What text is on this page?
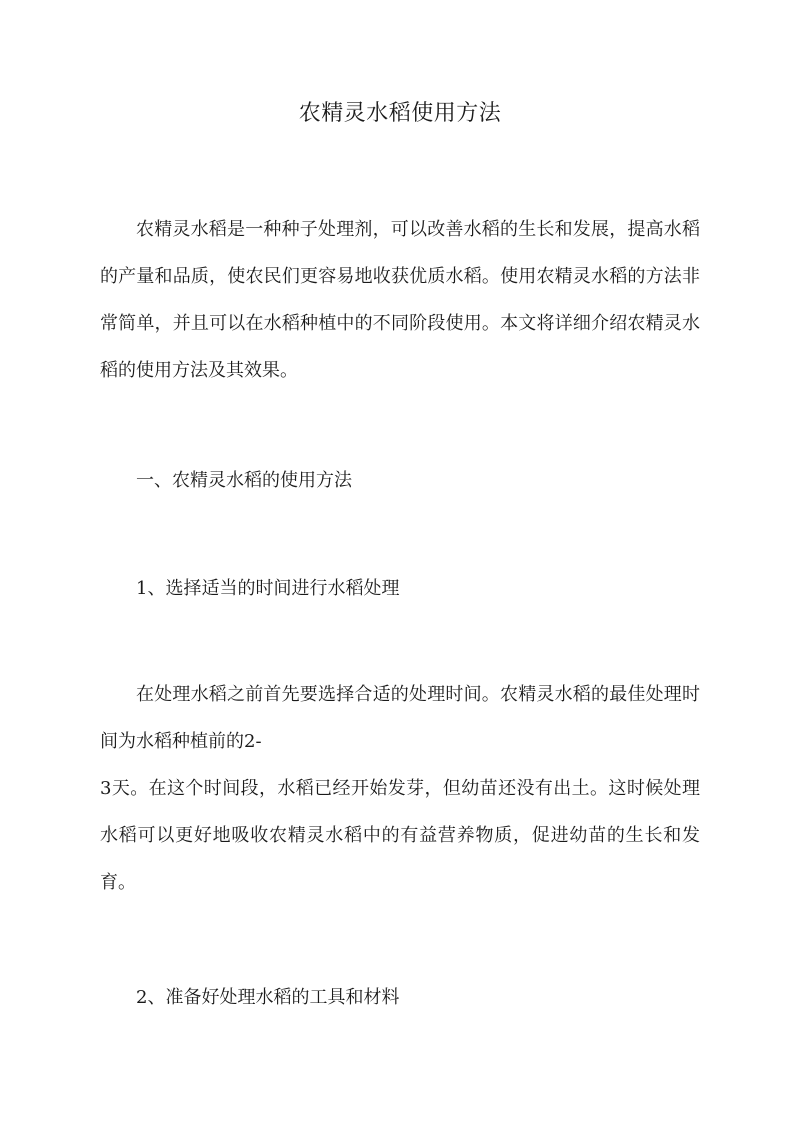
农精灵水稻使用方法

农精灵水稻是一种种子处理剂，可以改善水稻的生长和发展，提高水稻的产量和品质，使农民们更容易地收获优质水稻。使用农精灵水稻的方法非常简单，并且可以在水稻种植中的不同阶段使用。本文将详细介绍农精灵水稻的使用方法及其效果。

一、农精灵水稻的使用方法
1、选择适当的时间进行水稻处理
在处理水稻之前首先要选择合适的处理时间。农精灵水稻的最佳处理时间为水稻种植前的2-
3天。在这个时间段，水稻已经开始发芽，但幼苗还没有出土。这时候处理水稻可以更好地吸收农精灵水稻中的有益营养物质，促进幼苗的生长和发育。
2、准备好处理水稻的工具和材料
